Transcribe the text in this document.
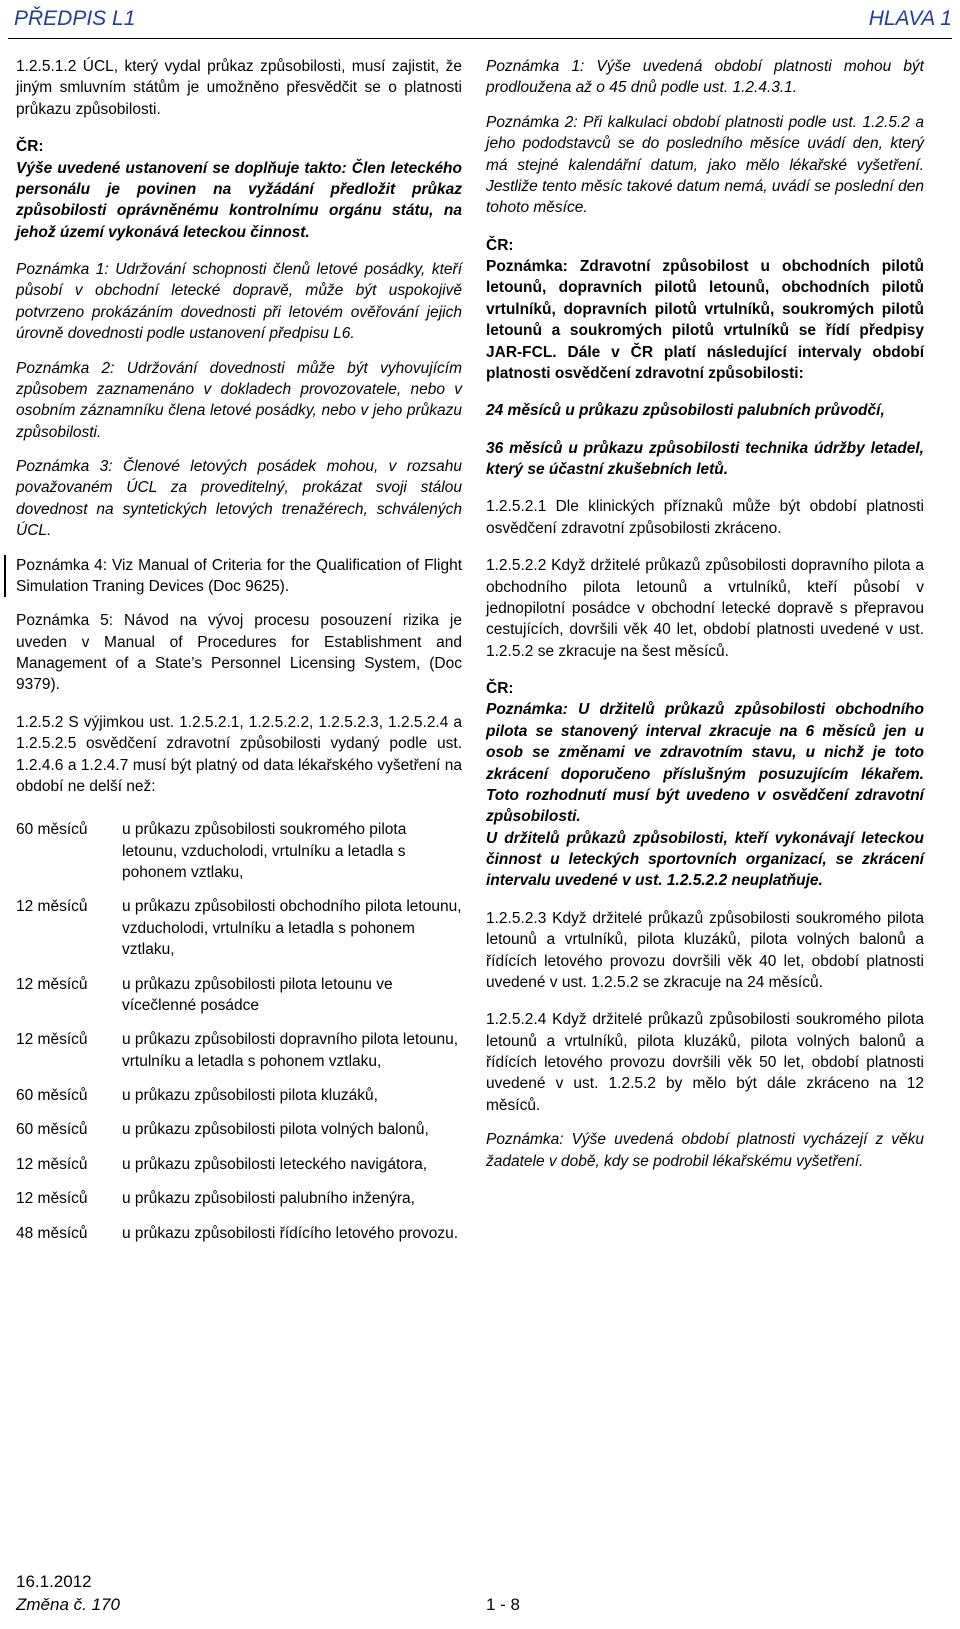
PŘEDPIS L1	HLAVA 1

1.2.5.1.2 ÚCL, který vydal průkaz způsobilosti, musí zajistit, že jiným smluvním státům je umožněno přesvědčit se o platnosti průkazu způsobilosti.

ČR:
Výše uvedené ustanovení se doplňuje takto: Člen leteckého personálu je povinen na vyžádání předložit průkaz způsobilosti oprávněnému kontrolnímu orgánu státu, na jehož území vykonává leteckou činnost.

Poznámka 1: Udržování schopnosti členů letové posádky, kteří působí v obchodní letecké dopravě, může být uspokojivě potvrzeno prokázáním dovednosti při letovém ověřování jejich úrovně dovednosti podle ustanovení předpisu L6.

Poznámka 2: Udržování dovednosti může být vyhovujícím způsobem zaznamenáno v dokladech provozovatele, nebo v osobním záznamníku člena letové posádky, nebo v jeho průkazu způsobilosti.

Poznámka 3: Členové letových posádek mohou, v rozsahu považovaném ÚCL za proveditelný, prokázat svoji stálou dovednost na syntetických letových trenažérech, schválených ÚCL.

Poznámka 4: Viz Manual of Criteria for the Qualification of Flight Simulation Traning Devices (Doc 9625).

Poznámka 5: Návod na vývoj procesu posouzení rizika je uveden v Manual of Procedures for Establishment and Management of a State’s Personnel Licensing System, (Doc 9379).

1.2.5.2 S výjimkou ust. 1.2.5.2.1, 1.2.5.2.2, 1.2.5.2.3, 1.2.5.2.4 a 1.2.5.2.5 osvědčení zdravotní způsobilosti vydaný podle ust. 1.2.4.6 a 1.2.4.7 musí být platný od data lékařského vyšetření na období ne delší než:

60 měsíců	u průkazu způsobilosti soukromého pilota letounu, vzducholodi, vrtulníku a letadla s pohonem vztlaku,
12 měsíců	u průkazu způsobilosti obchodního pilota letounu, vzducholodi, vrtulníku a letadla s pohonem vztlaku,
12 měsíců	u průkazu způsobilosti pilota letounu ve vícečlenné posádce
12 měsíců	u průkazu způsobilosti dopravního pilota letounu, vrtulníku a letadla s pohonem vztlaku,
60 měsíců	u průkazu způsobilosti pilota kluzáků,
60 měsíců	u průkazu způsobilosti pilota volných balonů,
12 měsíců	u průkazu způsobilosti leteckého navigátora,
12 měsíců	u průkazu způsobilosti palubního inženýra,
48 měsíců	u průkazu způsobilosti řídícího letového provozu.

Poznámka 1: Výše uvedená období platnosti mohou být prodloužena až o 45 dnů podle ust. 1.2.4.3.1.

Poznámka 2: Při kalkulaci období platnosti podle ust. 1.2.5.2 a jeho pododstavců se do posledního měsíce uvádí den, který má stejné kalendářní datum, jako mělo lékařské vyšetření. Jestliže tento měsíc takové datum nemá, uvádí se poslední den tohoto měsíce.

ČR:
Poznámka: Zdravotní způsobilost u obchodních pilotů letounů, dopravních pilotů letounů, obchodních pilotů vrtulníků, dopravních pilotů vrtulníků, soukromých pilotů letounů a soukromých pilotů vrtulníků se řídí předpisy JAR-FCL. Dále v ČR platí následující intervaly období platnosti osvědčení zdravotní způsobilosti:

24 měsíců u průkazu způsobilosti palubních průvodčí,

36 měsíců u průkazu způsobilosti technika údržby letadel, který se účastní zkušebních letů.

1.2.5.2.1 Dle klinických příznaků může být období platnosti osvědčení zdravotní způsobilosti zkráceno.

1.2.5.2.2 Když držitelé průkazů způsobilosti dopravního pilota a obchodního pilota letounů a vrtulníků, kteří působí v jednopilotní posádce v obchodní letecké dopravě s přepravou cestujících, dovršili věk 40 let, období platnosti uvedené v ust. 1.2.5.2 se zkracuje na šest měsíců.

ČR:
Poznámka: U držitelů průkazů způsobilosti obchodního pilota se stanovený interval zkracuje na 6 měsíců jen u osob se změnami ve zdravotním stavu, u nichž je toto zkrácení doporučeno příslušným posuzujícím lékařem. Toto rozhodnutí musí být uvedeno v osvědčení zdravotní způsobilosti.
U držitelů průkazů způsobilosti, kteří vykonávají leteckou činnost u leteckých sportovních organizací, se zkrácení intervalu uvedené v ust. 1.2.5.2.2 neuplatňuje.

1.2.5.2.3 Když držitelé průkazů způsobilosti soukromého pilota letounů a vrtulníků, pilota kluzáků, pilota volných balonů a řídících letového provozu dovršili věk 40 let, období platnosti uvedené v ust. 1.2.5.2 se zkracuje na 24 měsíců.

1.2.5.2.4 Když držitelé průkazů způsobilosti soukromého pilota letounů a vrtulníků, pilota kluzáků, pilota volných balonů a řídících letového provozu dovršili věk 50 let, období platnosti uvedené v ust. 1.2.5.2 by mělo být dále zkráceno na 12 měsíců.

Poznámka: Výše uvedená období platnosti vycházejí z věku žadatele v době, kdy se podrobil lékařskému vyšetření.

16.1.2012
Změna č. 170	1 - 8
